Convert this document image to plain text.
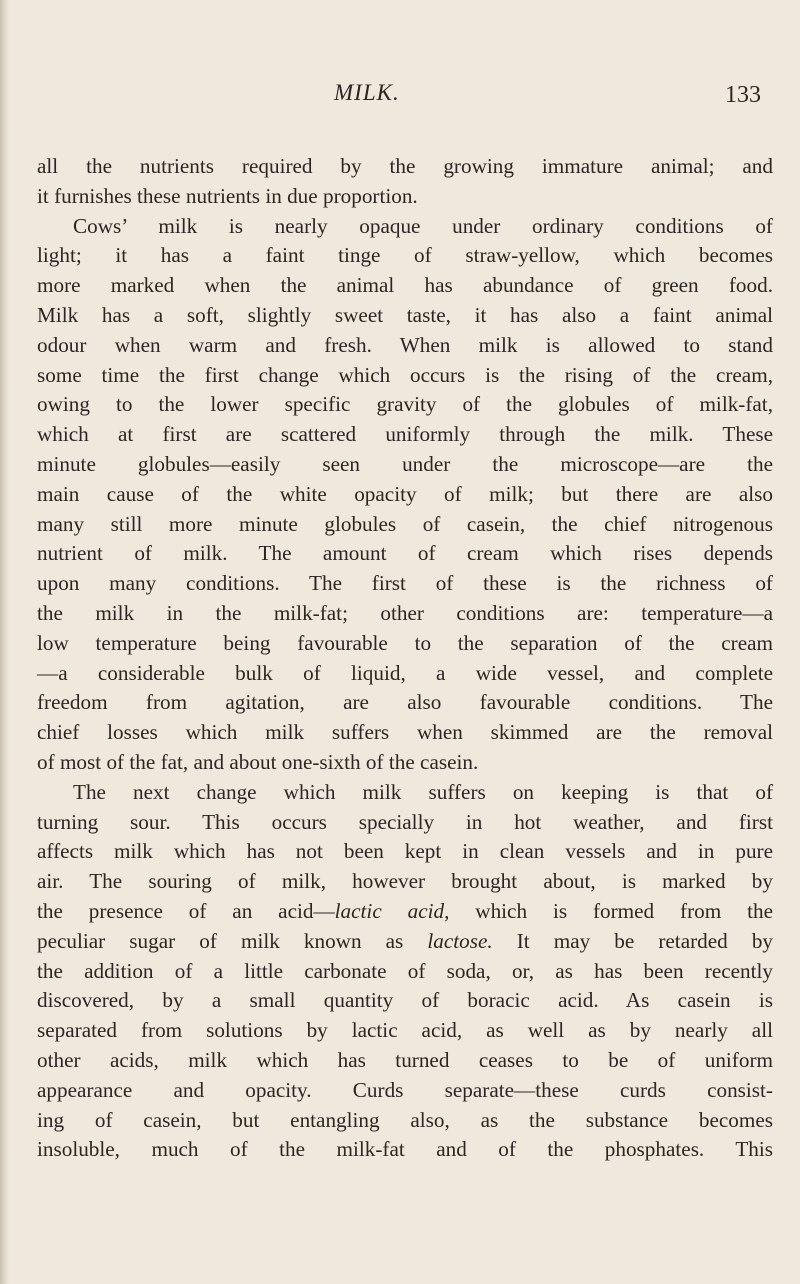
MILK.	133
all the nutrients required by the growing immature animal; and
it furnishes these nutrients in due proportion.
Cows’ milk is nearly opaque under ordinary conditions of
light; it has a faint tinge of straw-yellow, which becomes
more marked when the animal has abundance of green food.
Milk has a soft, slightly sweet taste, it has also a faint animal
odour when warm and fresh. When milk is allowed to stand
some time the first change which occurs is the rising of the cream,
owing to the lower specific gravity of the globules of milk-fat,
which at first are scattered uniformly through the milk. These
minute globules—easily seen under the microscope—are the
main cause of the white opacity of milk; but there are also
many still more minute globules of casein, the chief nitrogenous
nutrient of milk. The amount of cream which rises depends
upon many conditions. The first of these is the richness of
the milk in the milk-fat; other conditions are: temperature—a
low temperature being favourable to the separation of the cream
—a considerable bulk of liquid, a wide vessel, and complete
freedom from agitation, are also favourable conditions. The
chief losses which milk suffers when skimmed are the removal
of most of the fat, and about one-sixth of the casein.
The next change which milk suffers on keeping is that of
turning sour. This occurs specially in hot weather, and first
affects milk which has not been kept in clean vessels and in pure
air. The souring of milk, however brought about, is marked by
the presence of an acid—lactic acid, which is formed from the
peculiar sugar of milk known as lactose. It may be retarded by
the addition of a little carbonate of soda, or, as has been recently
discovered, by a small quantity of boracic acid. As casein is
separated from solutions by lactic acid, as well as by nearly all
other acids, milk which has turned ceases to be of uniform
appearance and opacity. Curds separate—these curds consist-
ing of casein, but entangling also, as the substance becomes
insoluble, much of the milk-fat and of the phosphates. This
